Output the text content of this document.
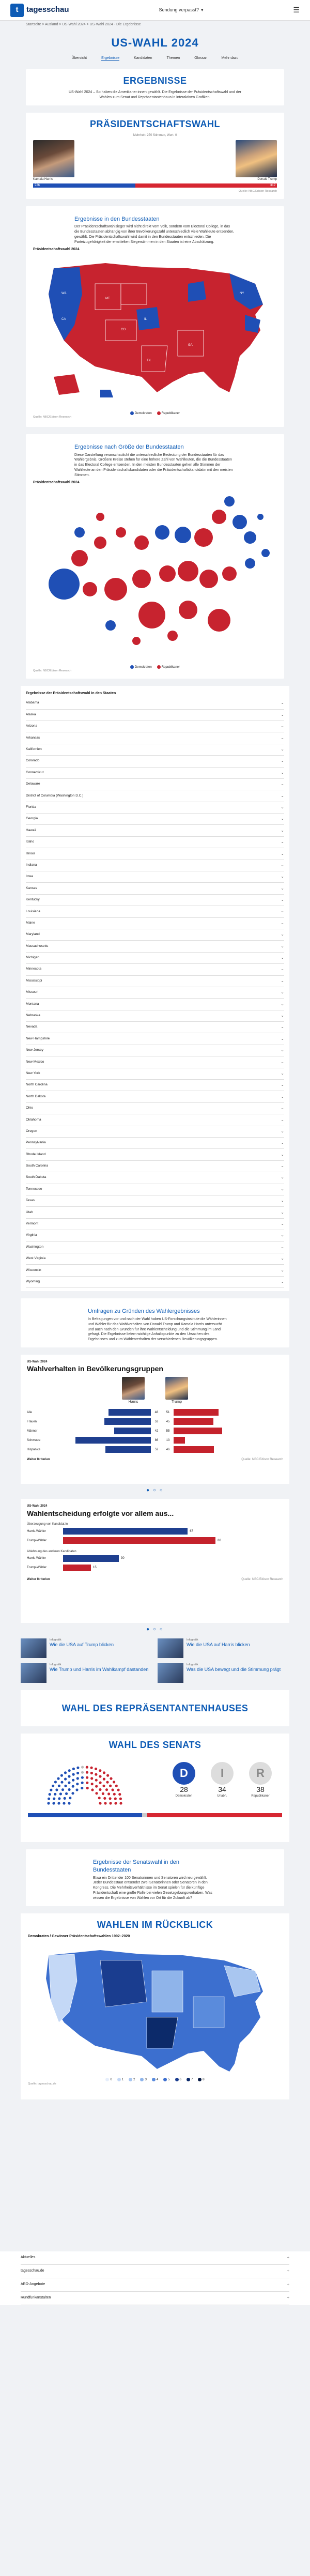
t	tagesschau	Sendung verpasst? ▾	☰
Startseite > Ausland > US-Wahl 2024 > US-Wahl 2024 - Die Ergebnisse
US-WAHL 2024
Übersicht	Ergebnisse	Kandidaten	Themen	Glossar	Mehr dazu
ERGEBNISSE
US-Wahl 2024 – So haben die Amerikaner:innen gewählt. Die Ergebnisse der Präsidentschaftswahl und der Wahlen zum Senat und Repräsentantenhaus in interaktiven Grafiken.
PRÄSIDENTSCHAFTSWAHL
Mehrheit: 270 Stimmen, Wert: 0
Kamala Harris	Donald Trump
226	312
Quelle: NBC/Edison Research
Ergebnisse in den Bundesstaaten
Der Präsidentschaftswahlsieger wird nicht direkt vom Volk, sondern vom Electoral College, in das die Bundesstaaten abhängig von ihrer Bevölkerungszahl unterschiedlich viele Wahlleute entsenden, gewählt. Die Präsidentschaftswahl wird damit in den Bundesstaaten entschieden. Die Parteizugehörigkeit der ermittelten Siegerstimmen in den Staaten ist eine Abschätzung.
Präsidentschaftswahl 2024
WA
CA
MT
CO
TX
GA
NY
IL
Demokraten	Republikaner
Quelle: NBC/Edison Research
Ergebnisse nach Größe der Bundesstaaten
Diese Darstellung veranschaulicht die unterschiedliche Bedeutung der Bundesstaaten für das Wahlergebnis. Größere Kreise stehen für eine höhere Zahl von Wahlleuten, die die Bundesstaaten in das Electoral College entsenden. In den meisten Bundesstaaten gehen alle Stimmen der Wahlleute an den Präsidentschaftskandidaten oder die Präsidentschaftskandidatin mit den meisten Stimmen.
Präsidentschaftswahl 2024
Demokraten	Republikaner
Quelle: NBC/Edison Research
Ergebnisse der Präsidentschaftswahl in den Staaten
Alabama	⌄
Alaska	⌄
Arizona	⌄
Arkansas	⌄
Kalifornien	⌄
Colorado	⌄
Connecticut	⌄
Delaware	⌄
District of Columbia (Washington D.C.)	⌄
Florida	⌄
Georgia	⌄
Hawaii	⌄
Idaho	⌄
Illinois	⌄
Indiana	⌄
Iowa	⌄
Kansas	⌄
Kentucky	⌄
Louisiana	⌄
Maine	⌄
Maryland	⌄
Massachusetts	⌄
Michigan	⌄
Minnesota	⌄
Mississippi	⌄
Missouri	⌄
Montana	⌄
Nebraska	⌄
Nevada	⌄
New Hampshire	⌄
New Jersey	⌄
New Mexico	⌄
New York	⌄
North Carolina	⌄
North Dakota	⌄
Ohio	⌄
Oklahoma	⌄
Oregon	⌄
Pennsylvania	⌄
Rhode Island	⌄
South Carolina	⌄
South Dakota	⌄
Tennessee	⌄
Texas	⌄
Utah	⌄
Vermont	⌄
Virginia	⌄
Washington	⌄
West Virginia	⌄
Wisconsin	⌄
Wyoming	⌄
Umfragen zu Gründen des Wahlergebnisses
In Befragungen vor und nach der Wahl haben US-Forschungsinstitute die Wählerinnen und Wähler für das Wahlverhalten von Donald Trump und Kamala Harris untersucht und auch nach den Gründen für ihre Wahlentscheidung und die Stimmung im Land gefragt. Die Ergebnisse liefern wichtige Anhaltspunkte zu den Ursachen des Ergebnisses und zum Wählerverhalten der verschiedenen Bevölkerungsgruppen.
US-Wahl 2024
Wahlverhalten in Bevölkerungsgruppen
Harris	Trump
Alle	48	51
Frauen	53	45
Männer	42	55
Schwarze	86	13
Hispanics	52	46
Weiter Kriterien	Quelle: NBC/Edison Research
● ○ ○
US-Wahl 2024
Wahlentscheidung erfolgte vor allem aus...
Überzeugung von Kandidat:in
Harris-Wähler	67
Trump-Wähler	82
Ablehnung des anderen Kandidaten
Harris-Wähler	30
Trump-Wähler	15
Weiter Kriterien	Quelle: NBC/Edison Research
● ○ ○
Infografik
Wie die USA auf Trump blicken
Infografik
Wie die USA auf Harris blicken
Infografik
Wie Trump und Harris im Wahlkampf dastanden
Infografik
Was die USA bewegt und die Stimmung prägt
WAHL DES REPRÄSENTANTENHAUSES
WAHL DES SENATS
D
28
Demokraten
I
34
Unabh.
R
38
Republikaner
Ergebnisse der Senatswahl in den Bundesstaaten
Etwa ein Drittel der 100 Senatorinnen und Senatoren wird neu gewählt. Jeder Bundesstaat entsendet zwei Senatorinnen oder Senatoren in den Kongress. Die Mehrheitsverhältnisse im Senat spielen für die künftige Präsidentschaft eine große Rolle bei vielen Gesetzgebungsvorhaben. Was wissen die Ergebnisse von Wahlen vor Ort für die Zukunft ab?
WAHLEN IM RÜCKBLICK
Demokraten / Gewinner Präsidentschaftswahlen 1992–2020
0	1	2	3	4	5	6	7	8
Quelle: tagesschau.de
Aktuelles	+
tagesschau.de	+
ARD-Angebote	+
Rundfunkanstalten	+
